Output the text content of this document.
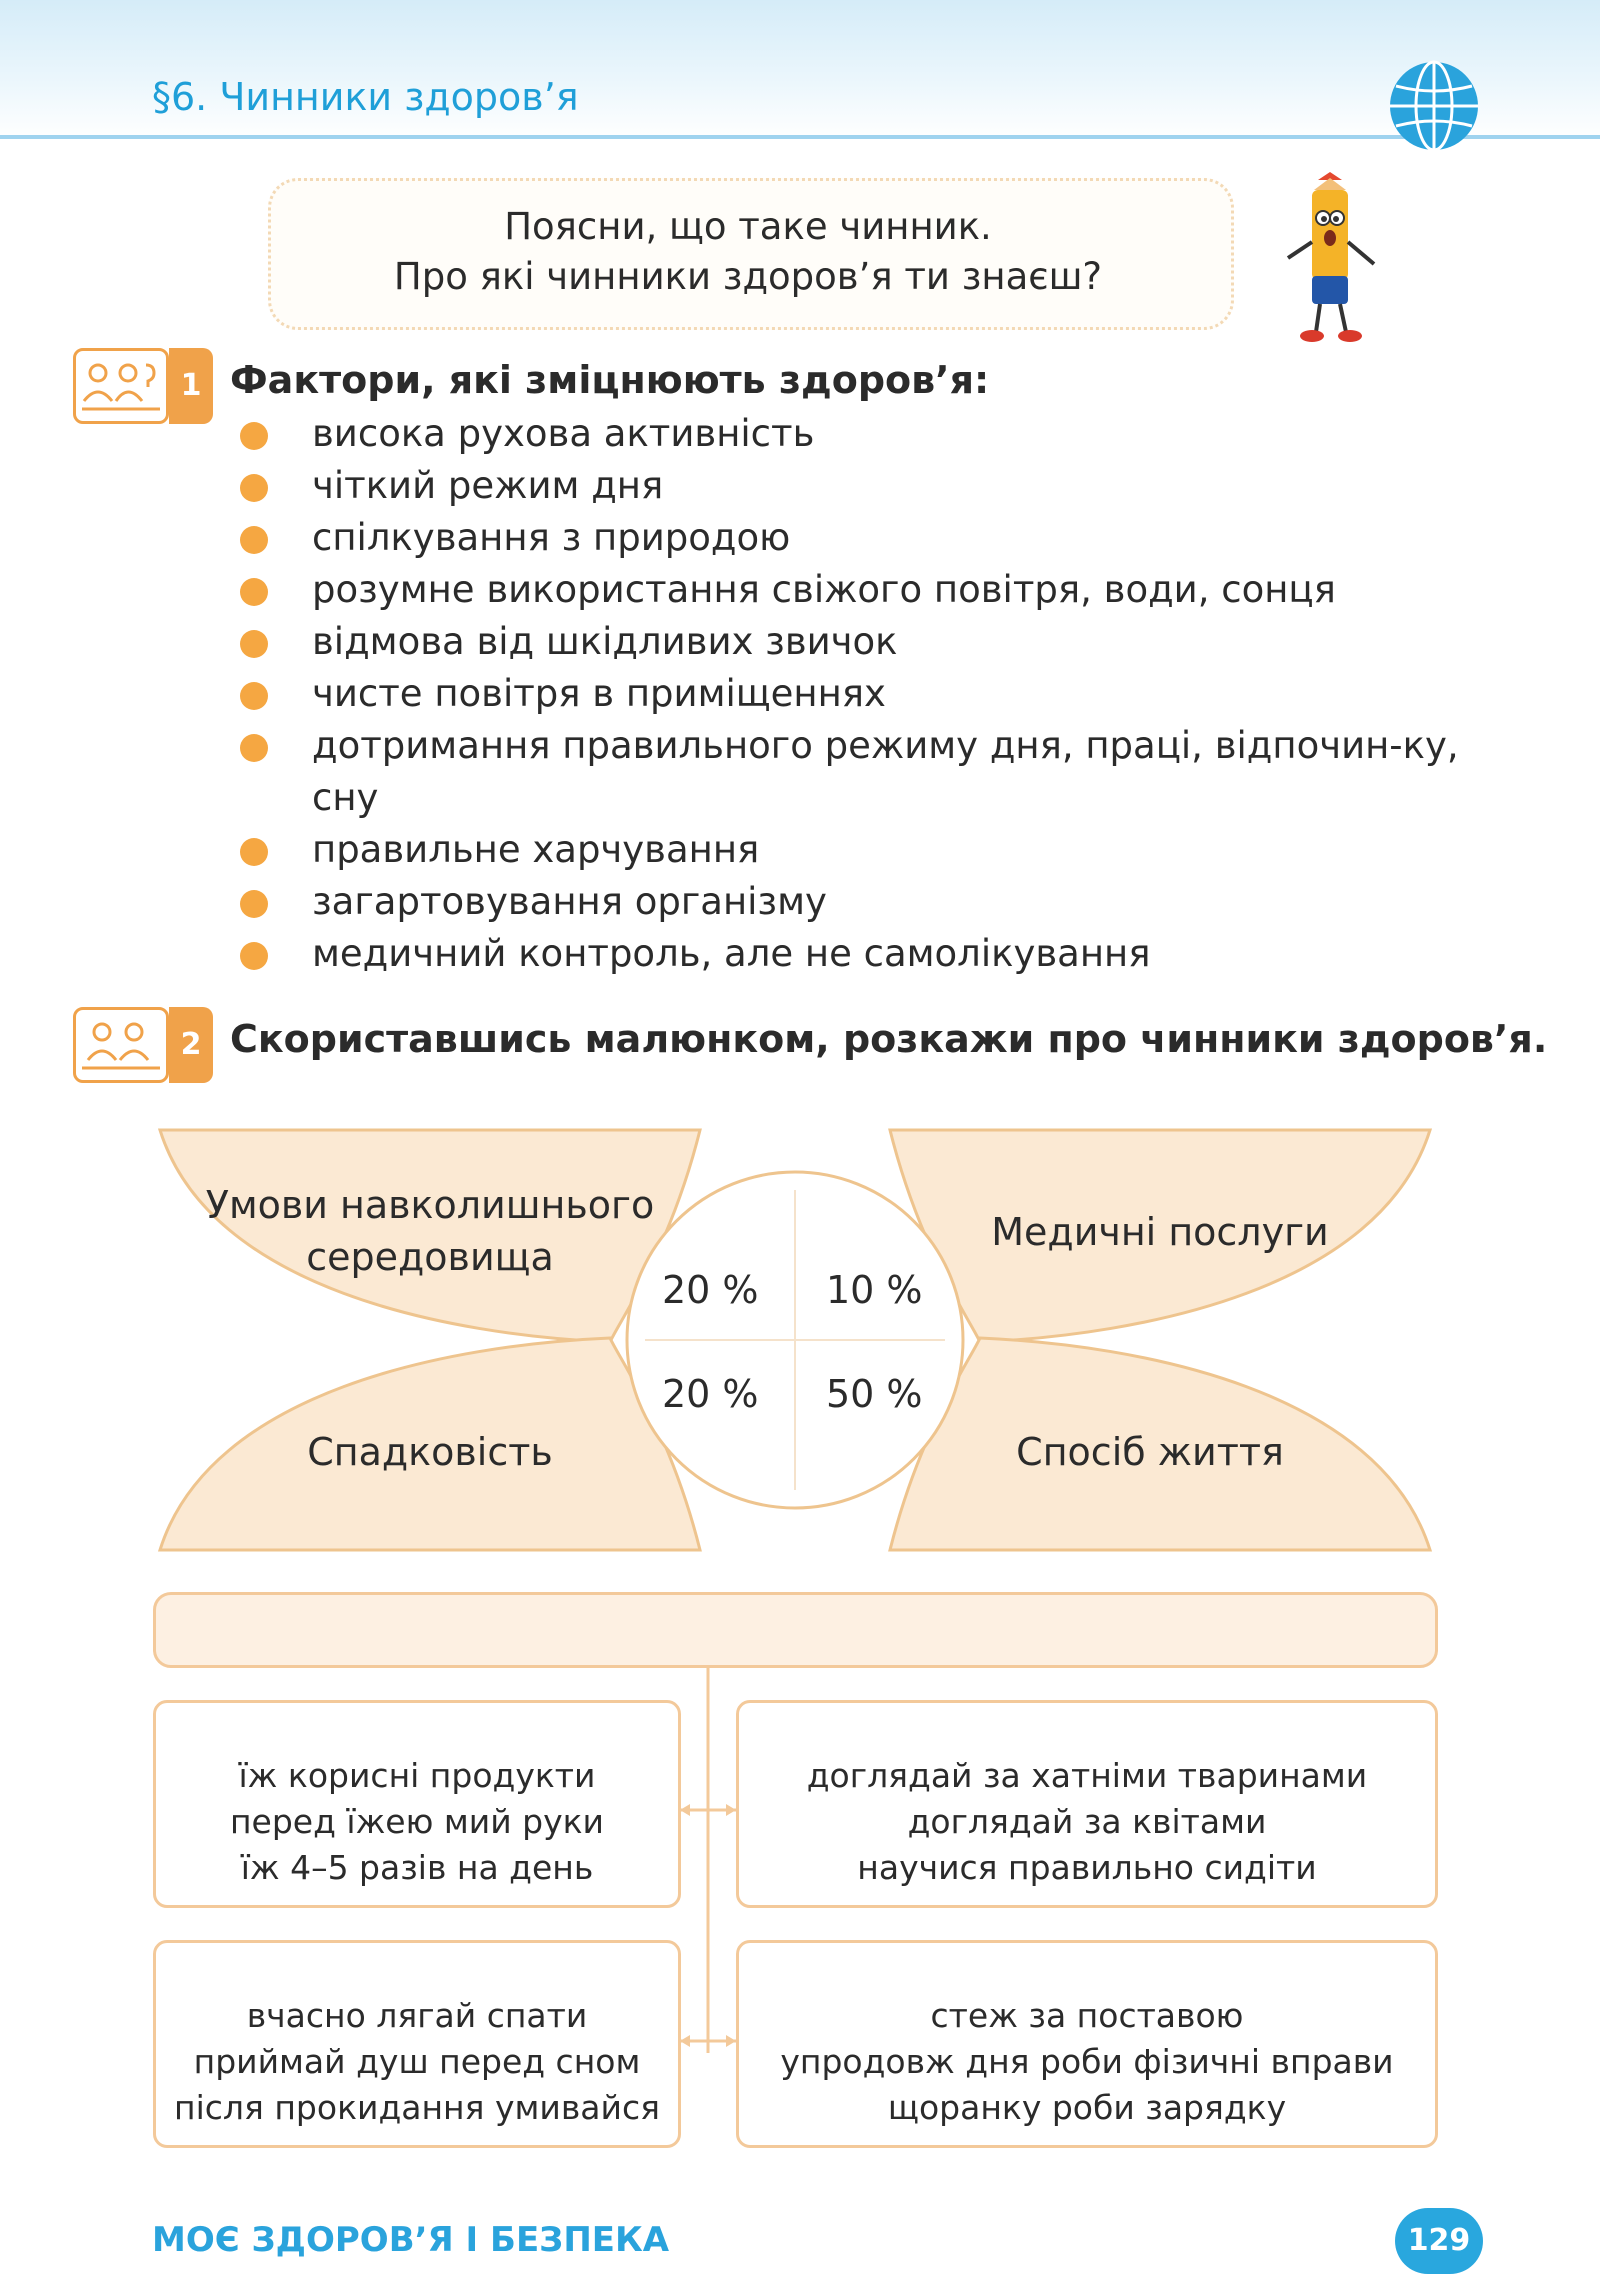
§6. Чинники здоров’я
Поясни, що таке чинник.
Про які чинники здоров’я ти знаєш?
1 Фактори, які зміцнюють здоров’я:
висока рухова активність
чіткий режим дня
спілкування з природою
розумне використання свіжого повітря, води, сонця
відмова від шкідливих звичок
чисте повітря в приміщеннях
дотримання правильного режиму дня, праці, відпочин-ку, сну
правильне харчування
загартовування організму
медичний контроль, але не самолікування
2 Скориставшись малюнком, розкажи про чинники здоров’я.
Умови навколишнього
середовища
Медичні послуги
Спадковість	Спосіб життя
20 % 10 %
20 % 50 %
їж корисні продукти
перед їжею мий руки
їж 4–5 разів на день
доглядай за хатніми тваринами
доглядай за квітами
научися правильно сидіти
вчасно лягай спати
приймай душ перед сном
після прокидання умивайся
стеж за поставою
упродовж дня роби фізичні вправи
щоранку роби зарядку
МОЄ ЗДОРОВ’Я І БЕЗПЕКА	129
